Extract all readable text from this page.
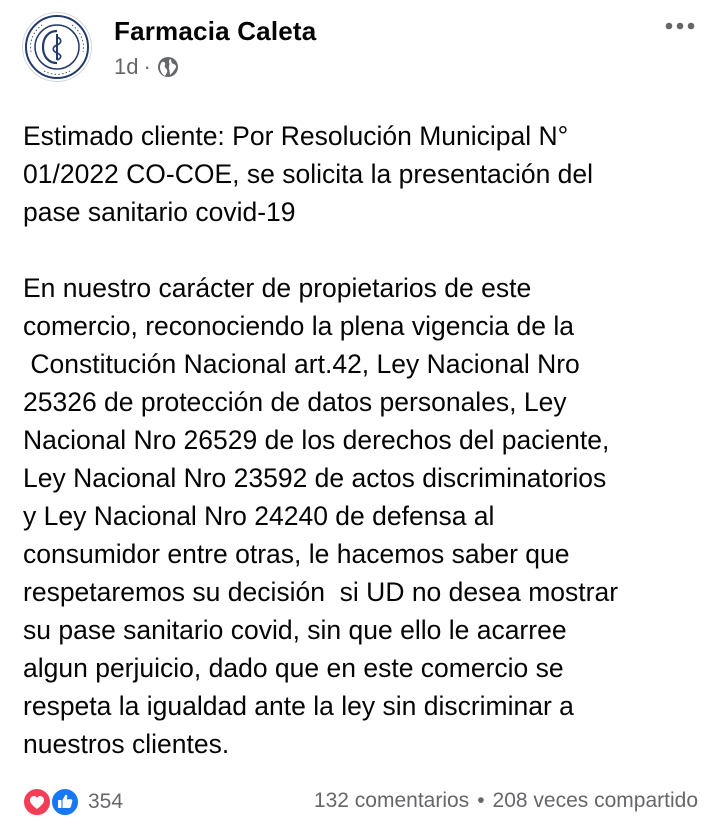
Farmacia Caleta
1d ·
Estimado cliente: Por Resolución Municipal N°
01/2022 CO-COE, se solicita la presentación del
pase sanitario covid-19

En nuestro carácter de propietarios de este
comercio, reconociendo la plena vigencia de la
Constitución Nacional art.42, Ley Nacional Nro
25326 de protección de datos personales, Ley
Nacional Nro 26529 de los derechos del paciente,
Ley Nacional Nro 23592 de actos discriminatorios
y Ley Nacional Nro 24240 de defensa al
consumidor entre otras, le hacemos saber que
respetaremos su decisión  si UD no desea mostrar
su pase sanitario covid, sin que ello le acarree
algun perjuicio, dado que en este comercio se
respeta la igualdad ante la ley sin discriminar a
nuestros clientes.
354	132 comentarios • 208 veces compartido
